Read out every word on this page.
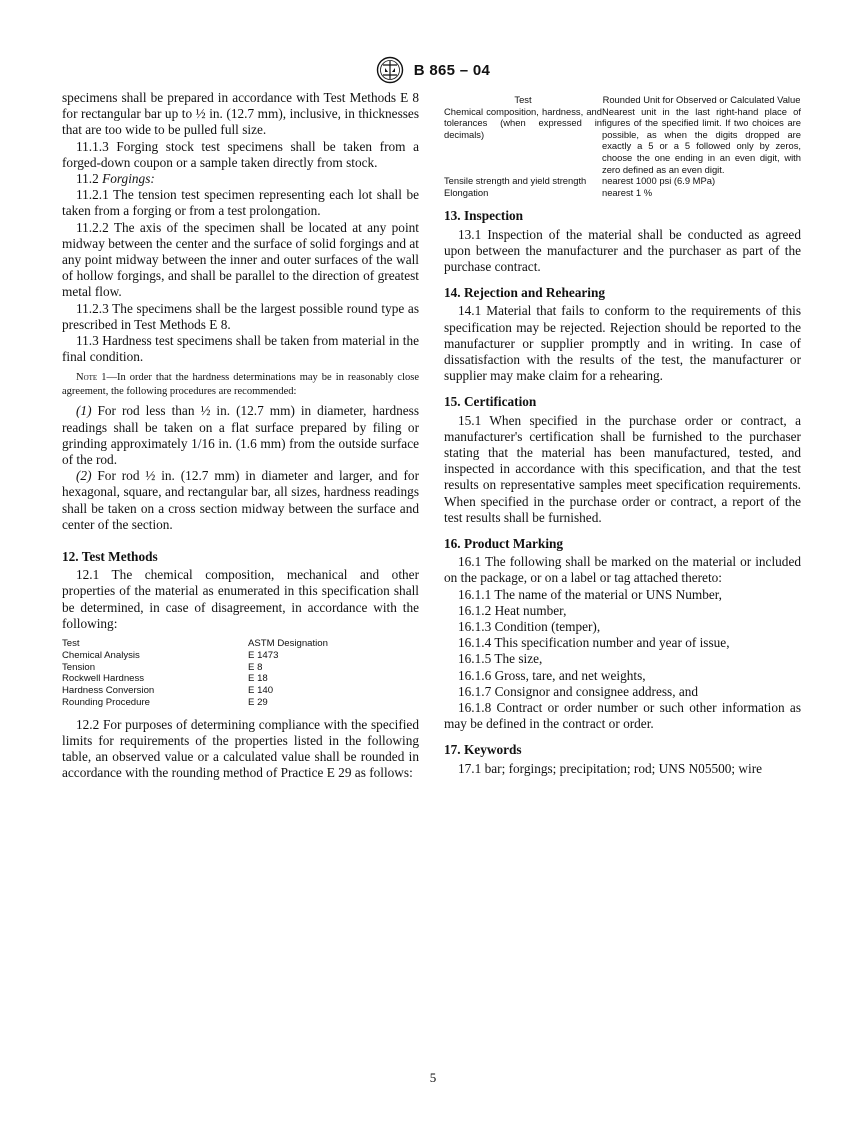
B 865 – 04

specimens shall be prepared in accordance with Test Methods E 8 for rectangular bar up to ½ in. (12.7 mm), inclusive, in thicknesses that are too wide to be pulled full size.

11.1.3 Forging stock test specimens shall be taken from a forged-down coupon or a sample taken directly from stock.

11.2 Forgings:

11.2.1 The tension test specimen representing each lot shall be taken from a forging or from a test prolongation.

11.2.2 The axis of the specimen shall be located at any point midway between the center and the surface of solid forgings and at any point midway between the inner and outer surfaces of the wall of hollow forgings, and shall be parallel to the direction of greatest metal flow.

11.2.3 The specimens shall be the largest possible round type as prescribed in Test Methods E 8.

11.3 Hardness test specimens shall be taken from material in the final condition.

Note 1—In order that the hardness determinations may be in reasonably close agreement, the following procedures are recommended:

(1) For rod less than ½ in. (12.7 mm) in diameter, hardness readings shall be taken on a flat surface prepared by filing or grinding approximately 1/16 in. (1.6 mm) from the outside surface of the rod.

(2) For rod ½ in. (12.7 mm) in diameter and larger, and for hexagonal, square, and rectangular bar, all sizes, hardness readings shall be taken on a cross section midway between the surface and center of the section.

12. Test Methods

12.1 The chemical composition, mechanical and other properties of the material as enumerated in this specification shall be determined, in case of disagreement, in accordance with the following:

Test	ASTM Designation
Chemical Analysis	E 1473
Tension	E 8
Rockwell Hardness	E 18
Hardness Conversion	E 140
Rounding Procedure	E 29

12.2 For purposes of determining compliance with the specified limits for requirements of the properties listed in the following table, an observed value or a calculated value shall be rounded in accordance with the rounding method of Practice E 29 as follows:

Test	Rounded Unit for Observed or Calculated Value
Chemical composition, hardness, and tolerances (when expressed in decimals)	Nearest unit in the last right-hand place of figures of the specified limit. If two choices are possible, as when the digits dropped are exactly a 5 or a 5 followed only by zeros, choose the one ending in an even digit, with zero defined as an even digit.
Tensile strength and yield strength	nearest 1000 psi (6.9 MPa)
Elongation	nearest 1 %

13. Inspection

13.1 Inspection of the material shall be conducted as agreed upon between the manufacturer and the purchaser as part of the purchase contract.

14. Rejection and Rehearing

14.1 Material that fails to conform to the requirements of this specification may be rejected. Rejection should be reported to the manufacturer or supplier promptly and in writing. In case of dissatisfaction with the results of the test, the manufacturer or supplier may make claim for a rehearing.

15. Certification

15.1 When specified in the purchase order or contract, a manufacturer's certification shall be furnished to the purchaser stating that the material has been manufactured, tested, and inspected in accordance with this specification, and that the test results on representative samples meet specification requirements. When specified in the purchase order or contract, a report of the test results shall be furnished.

16. Product Marking

16.1 The following shall be marked on the material or included on the package, or on a label or tag attached thereto:

16.1.1 The name of the material or UNS Number,

16.1.2 Heat number,

16.1.3 Condition (temper),

16.1.4 This specification number and year of issue,

16.1.5 The size,

16.1.6 Gross, tare, and net weights,

16.1.7 Consignor and consignee address, and

16.1.8 Contract or order number or such other information as may be defined in the contract or order.

17. Keywords

17.1 bar; forgings; precipitation; rod; UNS N05500; wire

5
